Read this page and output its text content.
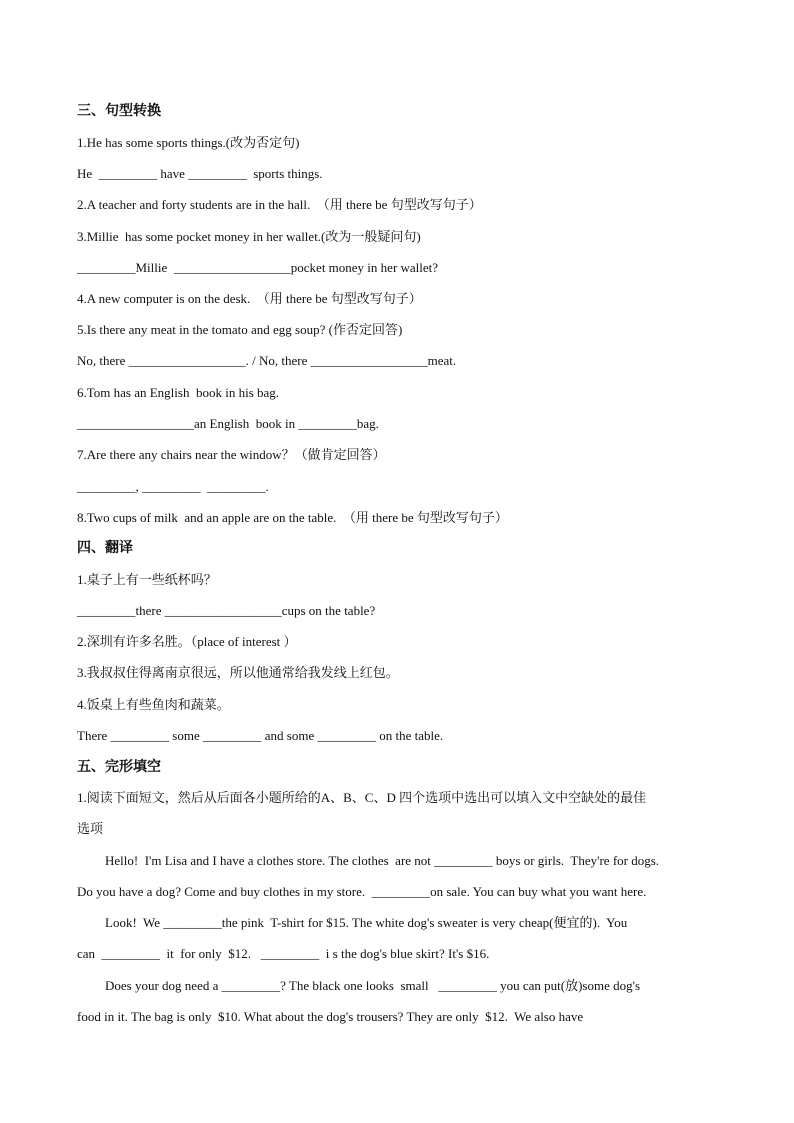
三、句型转换
1.He has some sports things.(改为否定句)
He  _________ have _________  sports things.
2.A teacher and forty students are in the hall.  （用 there be 句型改写句子）
3.Millie  has some pocket money in her wallet.(改为一般疑问句)
_________Millie  __________________pocket money in her wallet?
4.A new computer is on the desk.  （用 there be 句型改写句子）
5.Is there any meat in the tomato and egg soup? (作否定回答)
No, there __________________. / No, there __________________meat.
6.Tom has an English  book in his bag.
__________________an English  book in _________bag.
7.Are there any chairs near the window？（做肯定回答）
_________, _________  _________.
8.Two cups of milk  and an apple are on the table.  （用 there be 句型改写句子）
四、翻译
1.桌子上有一些纸杯吗？
_________there __________________cups on the table?
2.深圳有许多名胜。（place of interest ）
3.我叔叔住得离南京很远，所以他通常给我发线上红包。
4.饭桌上有些鱼肉和蔬菜。
There _________ some _________ and some _________ on the table.
五、完形填空
1.阅读下面短文，然后从后面各小题所给的A、B、C、D 四个选项中选出可以填入文中空缺处的最佳
选项
Hello!  I'm Lisa and I have a clothes store. The clothes  are not _________ boys or girls.  They're for dogs.
Do you have a dog? Come and buy clothes in my store.  _________on sale. You can buy what you want here.
Look!  We _________the pink  T-shirt for $15. The white dog's sweater is very cheap(便宜的).  You
can  _________  it  for only  $12.   _________  i s the dog's blue skirt? It's $16.
Does your dog need a _________? The black one looks  small   _________ you can put(放)some dog's
food in it. The bag is only  $10. What about the dog's trousers? They are only  $12.  We also have
